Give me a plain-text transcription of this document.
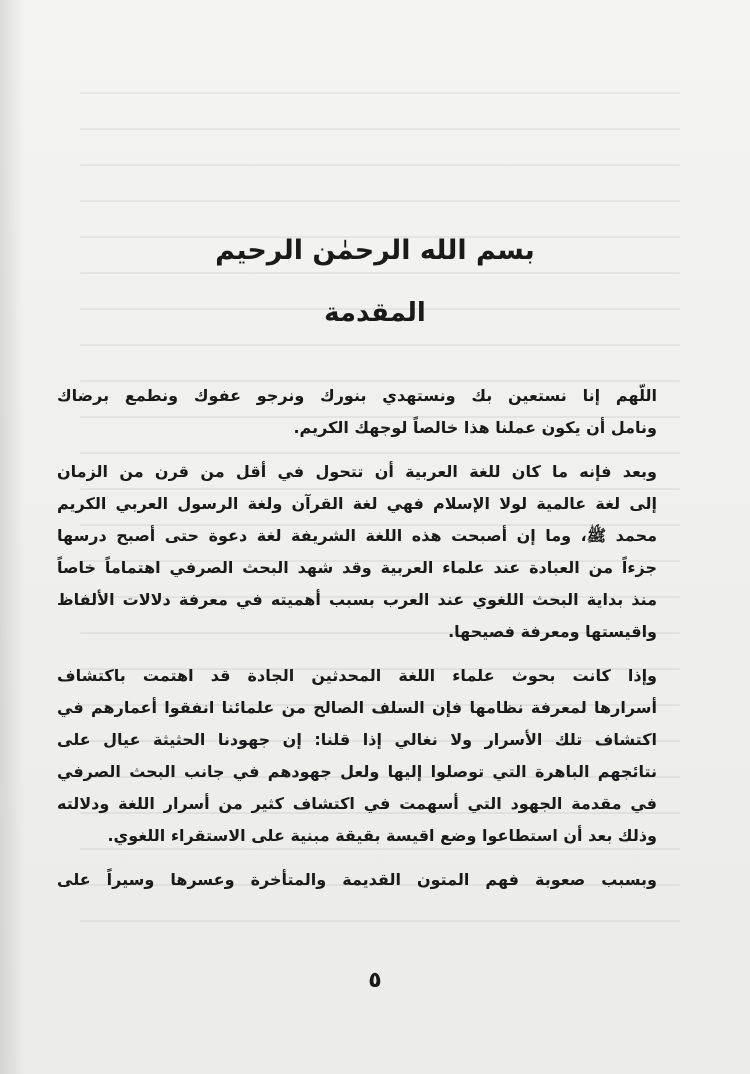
بسم الله الرحمٰن الرحيم
المقدمة

اللّهم إنا نستعين بك ونستهدي بنورك ونرجو عفوك ونطمع برضاك
ونامل أن يكون عملنا هذا خالصاً لوجهك الكريم.

وبعد فإنه ما كان للغة العربية أن تتحول في أقل من قرن من الزمان
إلى لغة عالمية لولا الإسلام فهي لغة القرآن ولغة الرسول العربي الكريم
محمد ﷺ، وما إن أصبحت هذه اللغة الشريفة لغة دعوة حتى أصبح درسها
جزءاً من العبادة عند علماء العربية وقد شهد البحث الصرفي اهتماماً خاصاً
منذ بداية البحث اللغوي عند العرب بسبب أهميته في معرفة دلالات الألفاظ
واقيستها ومعرفة فصيحها.

وإذا كانت بحوث علماء اللغة المحدثين الجادة قد اهتمت باكتشاف
أسرارها لمعرفة نظامها فإن السلف الصالح من علمائنا انفقوا أعمارهم في
اكتشاف تلك الأسرار ولا نغالي إذا قلنا: إن جهودنا الحثيثة عيال على
نتائجهم الباهرة التي توصلوا إليها ولعل جهودهم في جانب البحث الصرفي
في مقدمة الجهود التي أسهمت في اكتشاف كثير من أسرار اللغة ودلالته
وذلك بعد أن استطاعوا وضع اقيسة بقيقة مبنية على الاستقراء اللغوي.

وبسبب صعوبة فهم المتون القديمة والمتأخرة وعسرها وسيراً على

٥
